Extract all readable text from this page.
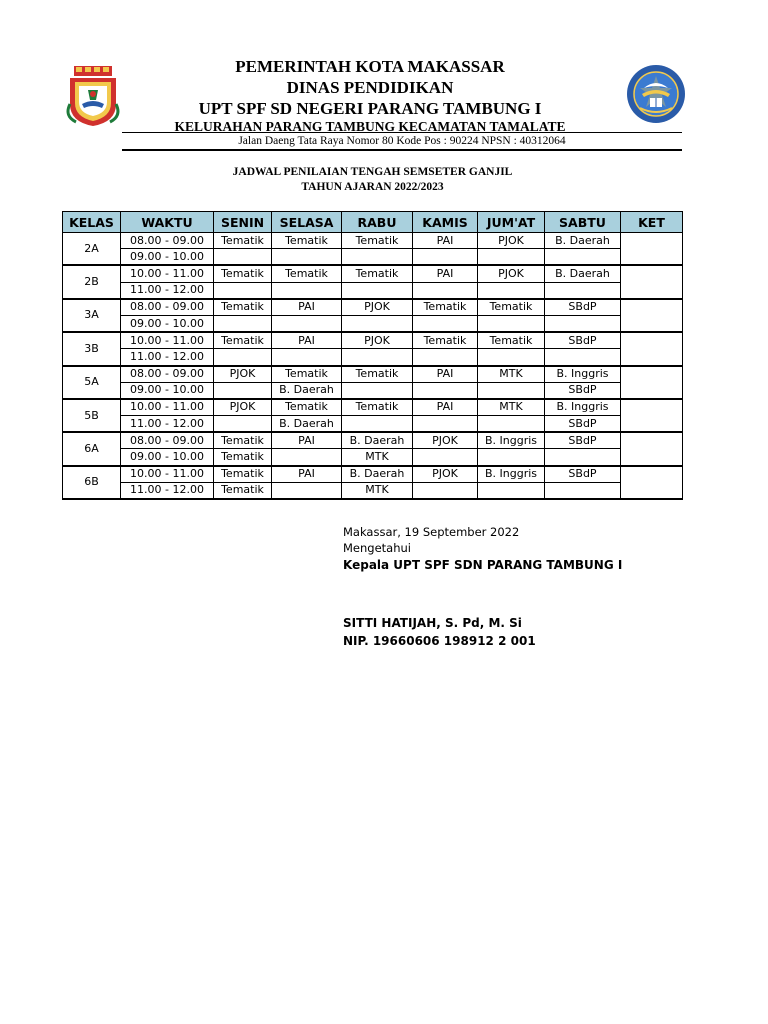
PEMERINTAH KOTA MAKASSAR
DINAS PENDIDIKAN
UPT SPF SD NEGERI PARANG TAMBUNG I
KELURAHAN PARANG TAMBUNG KECAMATAN TAMALATE
Jalan Daeng Tata Raya Nomor 80 Kode Pos : 90224 NPSN : 40312064
JADWAL PENILAIAN TENGAH SEMSETER GANJIL
TAHUN AJARAN 2022/2023
KELAS	WAKTU	SENIN	SELASA	RABU	KAMIS	JUM'AT	SABTU	KET
2A	08.00 - 09.00	Tematik	Tematik	Tematik	PAI	PJOK	B. Daerah	
	09.00 - 10.00							
2B	10.00 - 11.00	Tematik	Tematik	Tematik	PAI	PJOK	B. Daerah	
	11.00 - 12.00							
3A	08.00 - 09.00	Tematik	PAI	PJOK	Tematik	Tematik	SBdP	
	09.00 - 10.00							
3B	10.00 - 11.00	Tematik	PAI	PJOK	Tematik	Tematik	SBdP	
	11.00 - 12.00							
5A	08.00 - 09.00	PJOK	Tematik	Tematik	PAI	MTK	B. Inggris	
	09.00 - 10.00		B. Daerah				SBdP	
5B	10.00 - 11.00	PJOK	Tematik	Tematik	PAI	MTK	B. Inggris	
	11.00 - 12.00		B. Daerah				SBdP	
6A	08.00 - 09.00	Tematik	PAI	B. Daerah	PJOK	B. Inggris	SBdP	
	09.00 - 10.00	Tematik		MTK				
6B	10.00 - 11.00	Tematik	PAI	B. Daerah	PJOK	B. Inggris	SBdP	
	11.00 - 12.00	Tematik		MTK				
Makassar, 19 September 2022
Mengetahui
Kepala UPT SPF SDN PARANG TAMBUNG I
SITTI HATIJAH, S. Pd, M. Si
NIP. 19660606 198912 2 001
